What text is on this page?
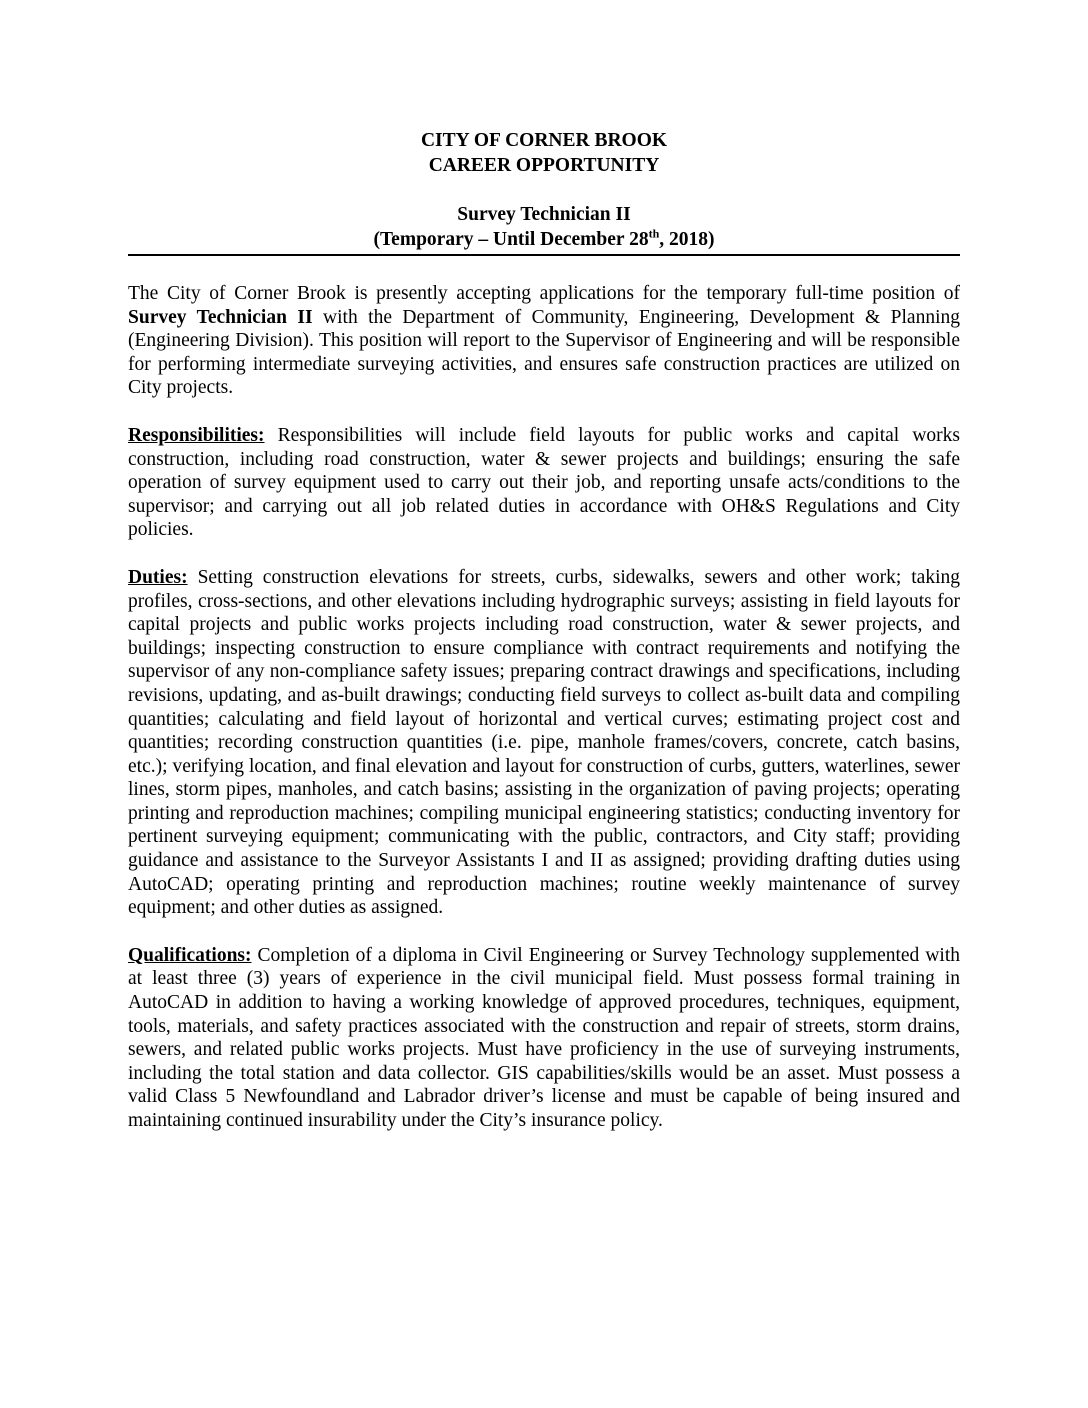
CITY OF CORNER BROOK
CAREER OPPORTUNITY
Survey Technician II
(Temporary – Until December 28th, 2018)

The City of Corner Brook is presently accepting applications for the temporary full-time position of Survey Technician II with the Department of Community, Engineering, Development & Planning (Engineering Division). This position will report to the Supervisor of Engineering and will be responsible for performing intermediate surveying activities, and ensures safe construction practices are utilized on City projects.

Responsibilities: Responsibilities will include field layouts for public works and capital works construction, including road construction, water & sewer projects and buildings; ensuring the safe operation of survey equipment used to carry out their job, and reporting unsafe acts/conditions to the supervisor; and carrying out all job related duties in accordance with OH&S Regulations and City policies.

Duties: Setting construction elevations for streets, curbs, sidewalks, sewers and other work; taking profiles, cross-sections, and other elevations including hydrographic surveys; assisting in field layouts for capital projects and public works projects including road construction, water & sewer projects, and buildings; inspecting construction to ensure compliance with contract requirements and notifying the supervisor of any non-compliance safety issues; preparing contract drawings and specifications, including revisions, updating, and as-built drawings; conducting field surveys to collect as-built data and compiling quantities; calculating and field layout of horizontal and vertical curves; estimating project cost and quantities; recording construction quantities (i.e. pipe, manhole frames/covers, concrete, catch basins, etc.); verifying location, and final elevation and layout for construction of curbs, gutters, waterlines, sewer lines, storm pipes, manholes, and catch basins; assisting in the organization of paving projects; operating printing and reproduction machines; compiling municipal engineering statistics; conducting inventory for pertinent surveying equipment; communicating with the public, contractors, and City staff; providing guidance and assistance to the Surveyor Assistants I and II as assigned; providing drafting duties using AutoCAD; operating printing and reproduction machines; routine weekly maintenance of survey equipment; and other duties as assigned.

Qualifications: Completion of a diploma in Civil Engineering or Survey Technology supplemented with at least three (3) years of experience in the civil municipal field. Must possess formal training in AutoCAD in addition to having a working knowledge of approved procedures, techniques, equipment, tools, materials, and safety practices associated with the construction and repair of streets, storm drains, sewers, and related public works projects. Must have proficiency in the use of surveying instruments, including the total station and data collector. GIS capabilities/skills would be an asset. Must possess a valid Class 5 Newfoundland and Labrador driver’s license and must be capable of being insured and maintaining continued insurability under the City’s insurance policy.
